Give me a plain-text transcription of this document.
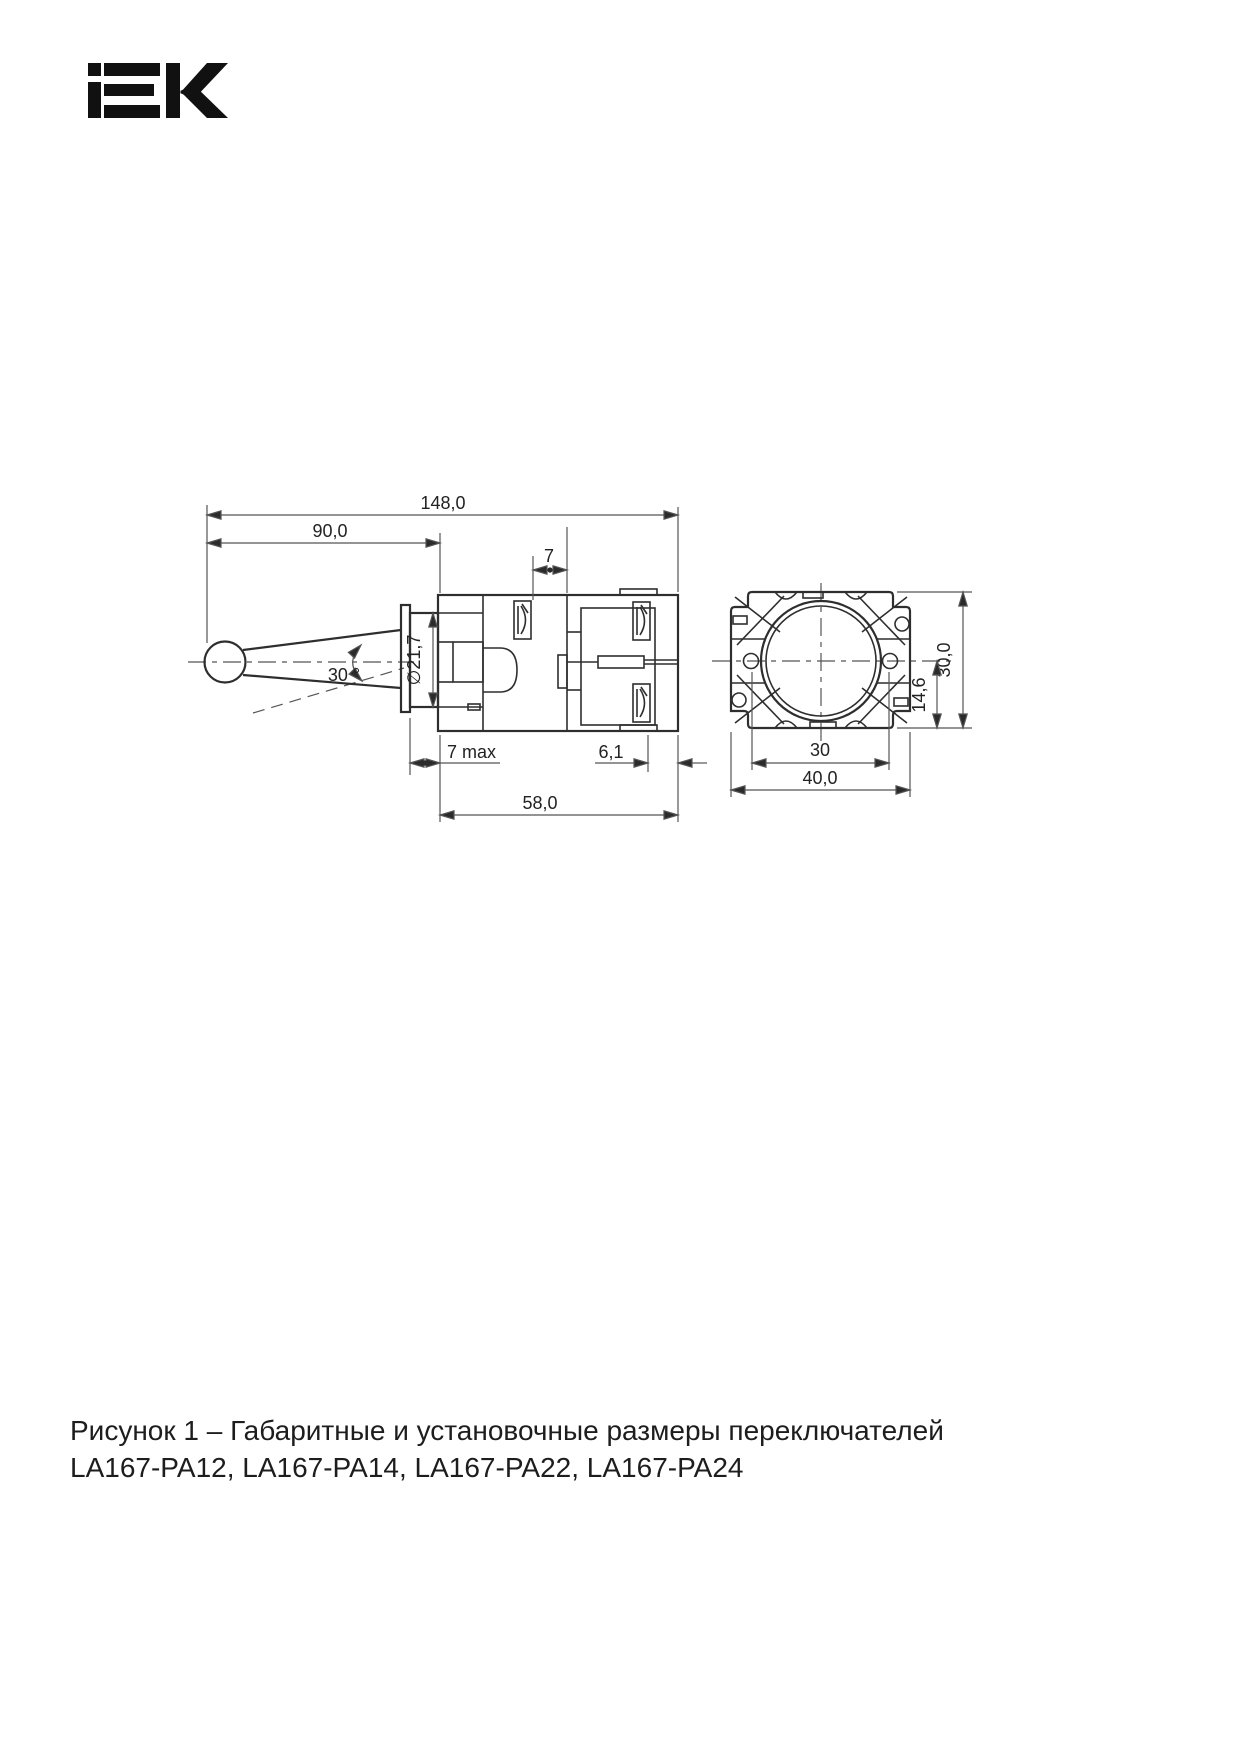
148,0
90,0
7
∅21,7
30 °
7 max	6,1
58,0
30,0
14,6
30
40,0
Рисунок 1 – Габаритные и установочные размеры переключателей
LA167-PA12, LA167-PA14, LA167-PA22, LA167-PA24
